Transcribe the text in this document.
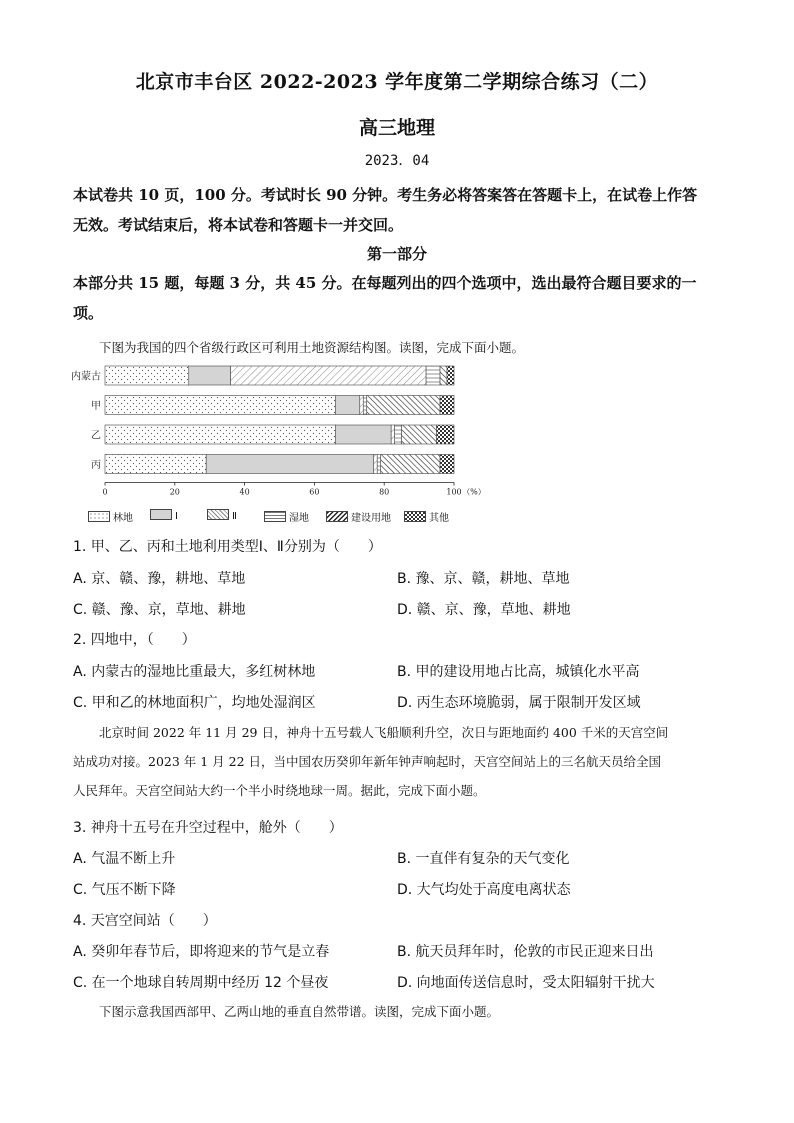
北京市丰台区 2022-2023 学年度第二学期综合练习（二）
高三地理
2023．04
本试卷共 10 页，100 分。考试时长 90 分钟。考生务必将答案答在答题卡上，在试卷上作答
无效。考试结束后，将本试卷和答题卡一并交回。
第一部分
本部分共 15 题，每题 3 分，共 45 分。在每题列出的四个选项中，选出最符合题目要求的一
项。
下图为我国的四个省级行政区可利用土地资源结构图。读图，完成下面小题。
内蒙古
甲
乙
丙
0	20	40	60	80	100 （%）
林地	Ⅰ	Ⅱ	湿地	建设用地	其他
1. 甲、乙、丙和土地利用类型Ⅰ、Ⅱ分别为（　　）
A. 京、赣、豫，耕地、草地	B. 豫、京、赣，耕地、草地
C. 赣、豫、京，草地、耕地	D. 赣、京、豫，草地、耕地
2. 四地中，（　　）
A. 内蒙古的湿地比重最大，多红树林地	B. 甲的建设用地占比高，城镇化水平高
C. 甲和乙的林地面积广，均地处湿润区	D. 丙生态环境脆弱，属于限制开发区域
北京时间 2022 年 11 月 29 日，神舟十五号载人飞船顺利升空，次日与距地面约 400 千米的天宫空间
站成功对接。2023 年 1 月 22 日，当中国农历癸卯年新年钟声响起时，天宫空间站上的三名航天员给全国
人民拜年。天宫空间站大约一个半小时绕地球一周。据此，完成下面小题。
3. 神舟十五号在升空过程中，舱外（　　）
A. 气温不断上升	B. 一直伴有复杂的天气变化
C. 气压不断下降	D. 大气均处于高度电离状态
4. 天宫空间站（　　）
A. 癸卯年春节后，即将迎来的节气是立春	B. 航天员拜年时，伦敦的市民正迎来日出
C. 在一个地球自转周期中经历 12 个昼夜	D. 向地面传送信息时，受太阳辐射干扰大
下图示意我国西部甲、乙两山地的垂直自然带谱。读图，完成下面小题。
